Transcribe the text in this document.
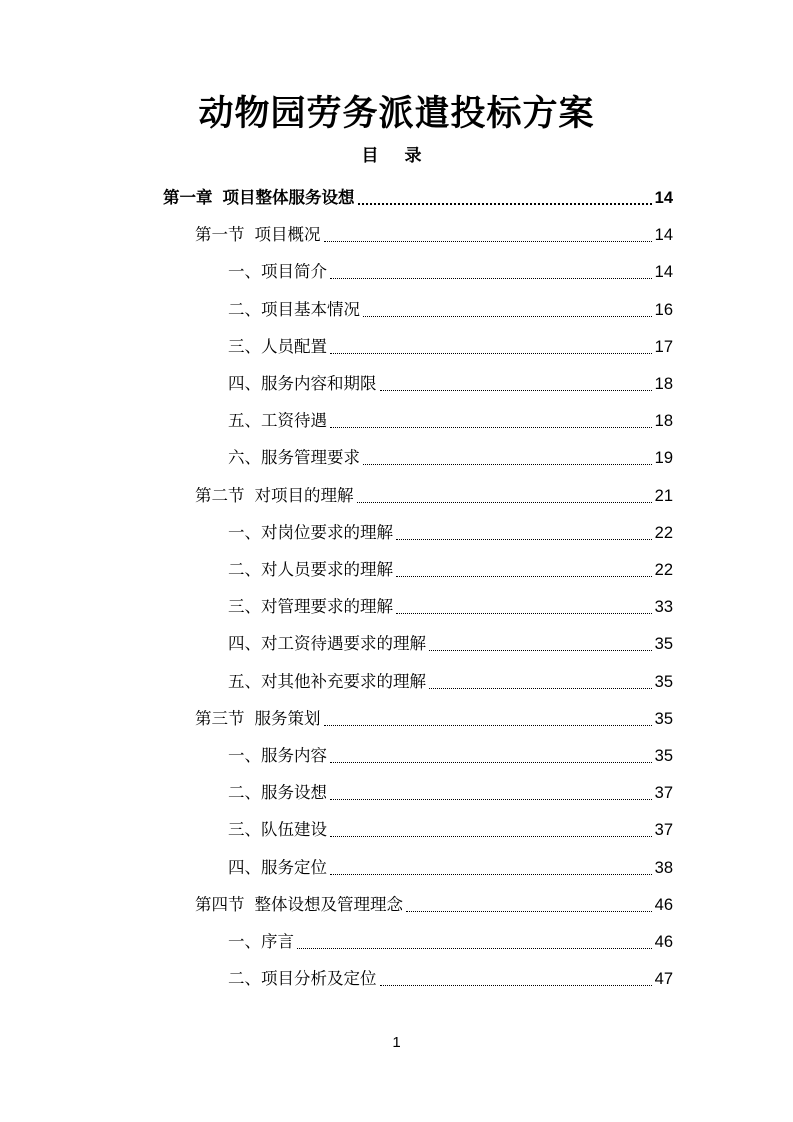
动物园劳务派遣投标方案
目 录
第一章 项目整体服务设想	14
第一节 项目概况	14
一、项目简介	14
二、项目基本情况	16
三、人员配置	17
四、服务内容和期限	18
五、工资待遇	18
六、服务管理要求	19
第二节 对项目的理解	21
一、对岗位要求的理解	22
二、对人员要求的理解	22
三、对管理要求的理解	33
四、对工资待遇要求的理解	35
五、对其他补充要求的理解	35
第三节 服务策划	35
一、服务内容	35
二、服务设想	37
三、队伍建设	37
四、服务定位	38
第四节 整体设想及管理理念	46
一、序言	46
二、项目分析及定位	47
1
